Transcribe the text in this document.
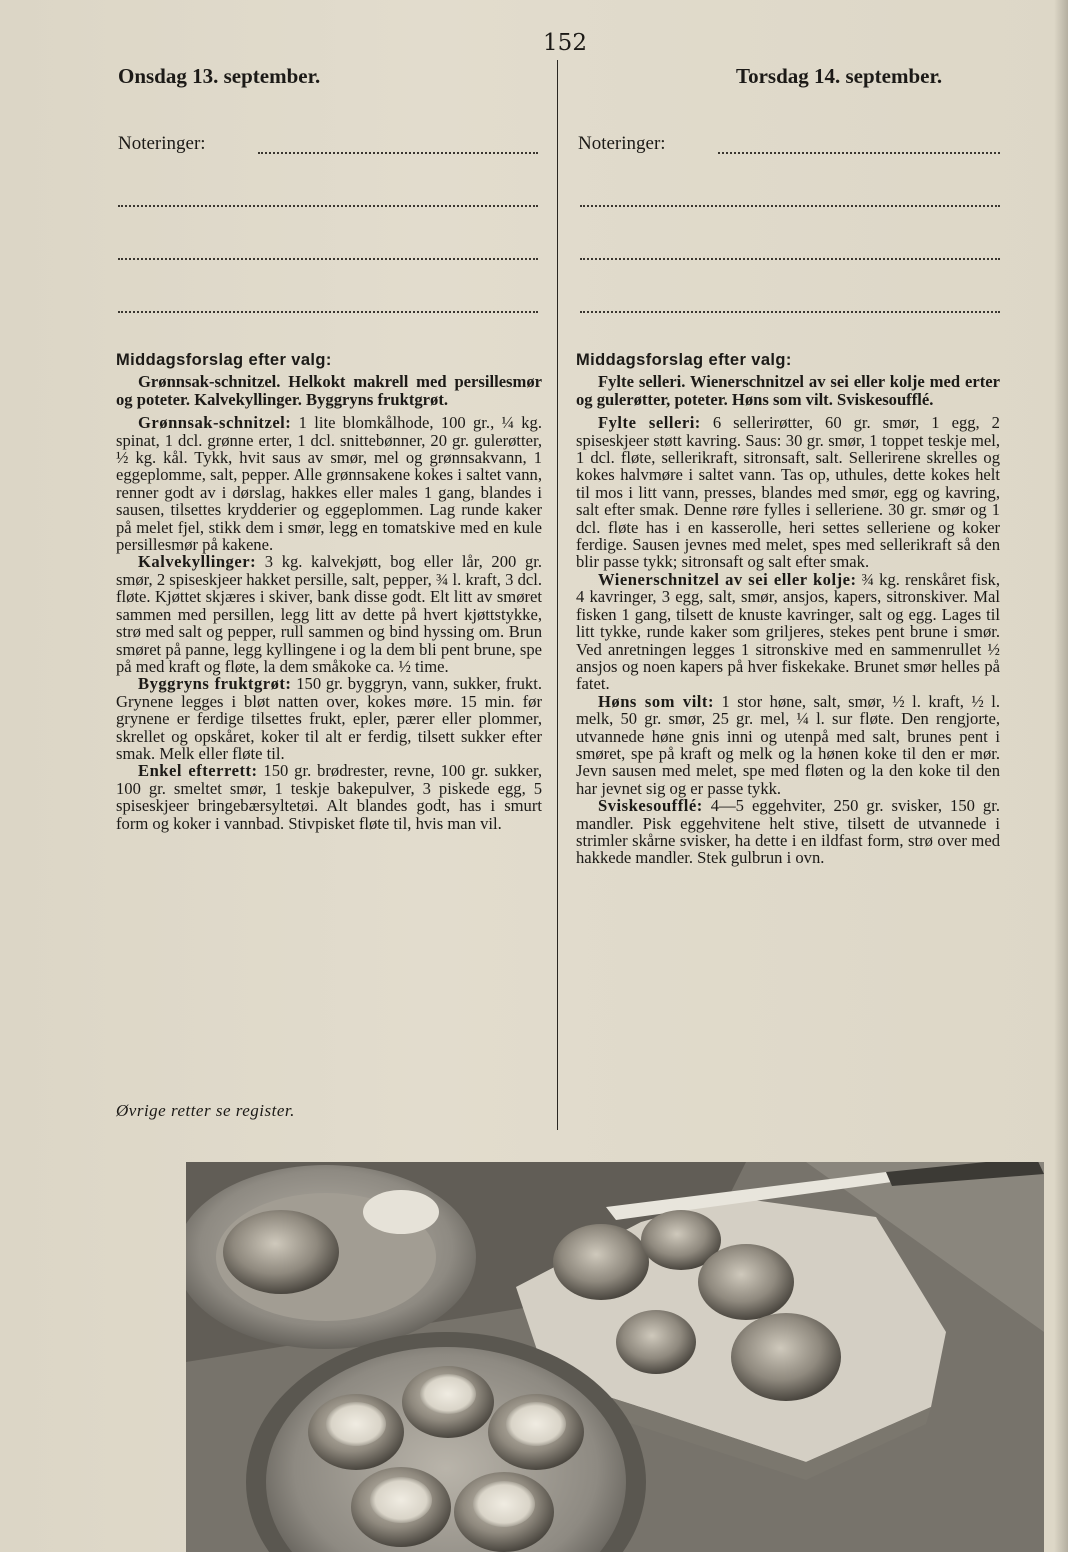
152
Onsdag 13. september.	Torsdag 14. september.
Noteringer:	Noteringer:
Middagsforslag efter valg:

Grønnsak-schnitzel. Helkokt makrell med persillesmør og poteter. Kalvekyllinger. Byggryns fruktgrøt.

Grønnsak-schnitzel: 1 lite blomkålhode, 100 gr., ¼ kg. spinat, 1 dcl. grønne erter, 1 dcl. snittebønner, 20 gr. gulerøtter, ½ kg. kål. Tykk, hvit saus av smør, mel og grønnsakvann, 1 eggeplomme, salt, pepper. Alle grønnsakene kokes i saltet vann, renner godt av i dørslag, hakkes eller males 1 gang, blandes i sausen, tilsettes krydderier og eggeplommen. Lag runde kaker på melet fjel, stikk dem i smør, legg en tomatskive med en kule persillesmør på kakene.

Kalvekyllinger: 3 kg. kalvekjøtt, bog eller lår, 200 gr. smør, 2 spiseskjeer hakket persille, salt, pepper, ¾ l. kraft, 3 dcl. fløte. Kjøttet skjæres i skiver, bank disse godt. Elt litt av smøret sammen med persillen, legg litt av dette på hvert kjøttstykke, strø med salt og pepper, rull sammen og bind hyssing om. Brun smøret på panne, legg kyllingene i og la dem bli pent brune, spe på med kraft og fløte, la dem småkoke ca. ½ time.

Byggryns fruktgrøt: 150 gr. byggryn, vann, sukker, frukt. Grynene legges i bløt natten over, kokes møre. 15 min. før grynene er ferdige tilsettes frukt, epler, pærer eller plommer, skrellet og opskåret, koker til alt er ferdig, tilsett sukker efter smak. Melk eller fløte til.

Enkel efterrett: 150 gr. brødrester, revne, 100 gr. sukker, 100 gr. smeltet smør, 1 teskje bakepulver, 3 piskede egg, 5 spiseskjeer bringebærsyltetøi. Alt blandes godt, has i smurt form og koker i vannbad. Stivpisket fløte til, hvis man vil.

Øvrige retter se register.
Middagsforslag efter valg:

Fylte selleri. Wienerschnitzel av sei eller kolje med erter og gulerøtter, poteter. Høns som vilt. Sviskesoufflé.

Fylte selleri: 6 sellerirøtter, 60 gr. smør, 1 egg, 2 spiseskjeer støtt kavring. Saus: 30 gr. smør, 1 toppet teskje mel, 1 dcl. fløte, sellerikraft, sitronsaft, salt. Sellerirene skrelles og kokes halvmøre i saltet vann. Tas op, uthules, dette kokes helt til mos i litt vann, presses, blandes med smør, egg og kavring, salt efter smak. Denne røre fylles i selleriene. 30 gr. smør og 1 dcl. fløte has i en kasserolle, heri settes selleriene og koker ferdige. Sausen jevnes med melet, spes med sellerikraft så den blir passe tykk; sitronsaft og salt efter smak.

Wienerschnitzel av sei eller kolje: ¾ kg. renskåret fisk, 4 kavringer, 3 egg, salt, smør, ansjos, kapers, sitronskiver. Mal fisken 1 gang, tilsett de knuste kavringer, salt og egg. Lages til litt tykke, runde kaker som griljeres, stekes pent brune i smør. Ved anretningen legges 1 sitronskive med en sammenrullet ½ ansjos og noen kapers på hver fiskekake. Brunet smør helles på fatet.

Høns som vilt: 1 stor høne, salt, smør, ½ l. kraft, ½ l. melk, 50 gr. smør, 25 gr. mel, ¼ l. sur fløte. Den rengjorte, utvannede høne gnis inni og utenpå med salt, brunes pent i smøret, spe på kraft og melk og la hønen koke til den er mør. Jevn sausen med melet, spe med fløten og la den koke til den har jevnet sig og er passe tykk.

Sviskesoufflé: 4—5 eggehviter, 250 gr. svisker, 150 gr. mandler. Pisk eggehvitene helt stive, tilsett de utvannede i strimler skårne svisker, ha dette i en ildfast form, strø over med hakkede mandler. Stek gulbrun i ovn.
